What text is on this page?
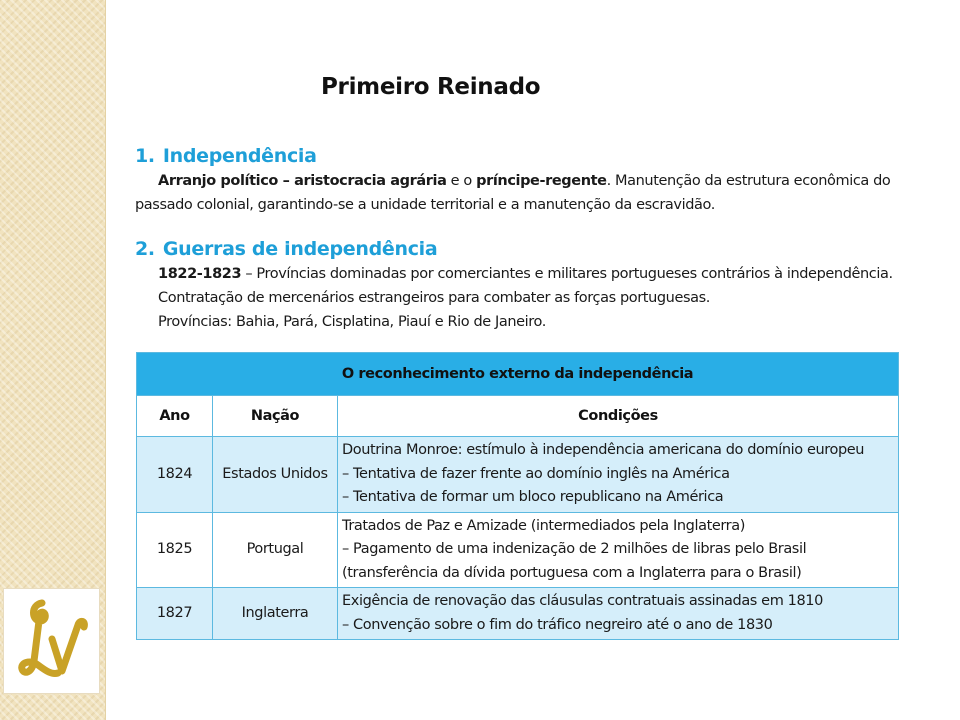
Lv
Primeiro Reinado
1. Independência

Arranjo político – aristocracia agrária e o príncipe-regente. Manutenção da estrutura econômica do passado colonial, garantindo-se a unidade territorial e a manutenção da escravidão.

2. Guerras de independência

1822-1823 – Províncias dominadas por comerciantes e militares portugueses contrários à independência.

Contratação de mercenários estrangeiros para combater as forças portuguesas.

Províncias: Bahia, Pará, Cisplatina, Piauí e Rio de Janeiro.

O reconhecimento externo da independência		
Ano	Nação	Condições
1824	Estados Unidos	Doutrina Monroe: estímulo à independência americana do domínio europeu
– Tentativa de fazer frente ao domínio inglês na América
– Tentativa de formar um bloco republicano na América

1825	Portugal	Tratados de Paz e Amizade (intermediados pela Inglaterra)
– Pagamento de uma indenização de 2 milhões de libras pelo Brasil (transferência da dívida portuguesa com a Inglaterra para o Brasil)

1827	Inglaterra	Exigência de renovação das cláusulas contratuais assinadas em 1810
– Convenção sobre o fim do tráfico negreiro até o ano de 1830
